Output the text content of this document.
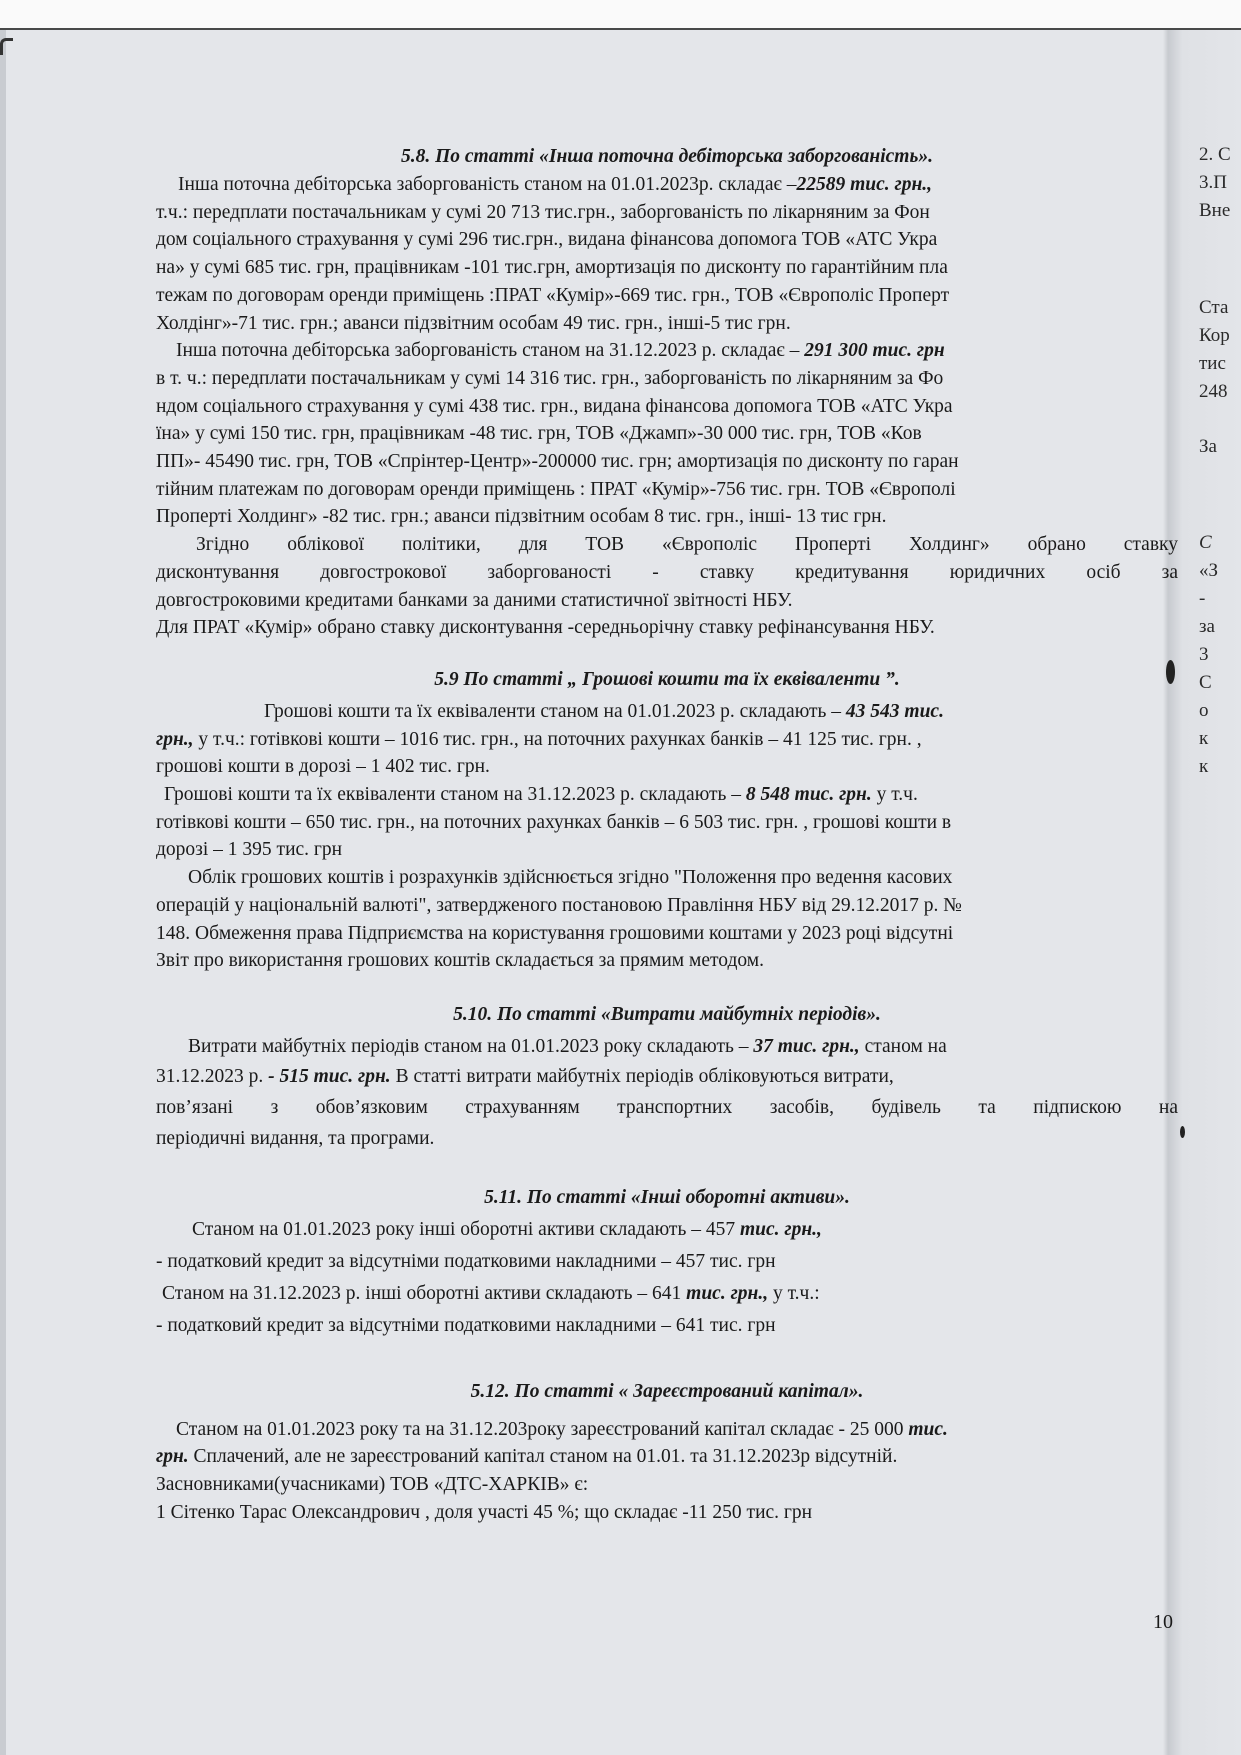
2. С
3.П
Вне
Ста
Кор
тис
248
За
С
«З
-
за
3
С
о
к
к
5.8. По статті «Інша поточна дебіторська заборгованість».
Інша поточна дебіторська заборгованість станом на 01.01.2023р. складає –22589 тис. грн.,
т.ч.: передплати постачальникам у сумі 20 713 тис.грн., заборгованість по лікарняним за Фон
дом соціального страхування у сумі 296 тис.грн., видана фінансова допомога ТОВ «АТС Укра
на» у сумі 685 тис. грн, працівникам -101 тис.грн, амортизація по дисконту по гарантійним пла
тежам по договорам оренди приміщень :ПРАТ «Кумір»-669 тис. грн., ТОВ «Європоліс Проперт
Холдінг»-71 тис. грн.; аванси підзвітним особам 49 тис. грн., інші-5 тис грн.
Інша поточна дебіторська заборгованість станом на 31.12.2023 р. складає – 291 300 тис. грн
в т. ч.: передплати постачальникам у сумі 14 316 тис. грн., заборгованість по лікарняним за Фо
ндом соціального страхування у сумі 438 тис. грн., видана фінансова допомога ТОВ «АТС Укра
їна» у сумі 150 тис. грн, працівникам -48 тис. грн, ТОВ «Джамп»-30 000 тис. грн, ТОВ «Ков
ПП»- 45490 тис. грн, ТОВ «Спрінтер-Центр»-200000 тис. грн; амортизація по дисконту по гаран
тійним платежам по договорам оренди приміщень : ПРАТ «Кумір»-756 тис. грн. ТОВ «Європолі
Проперті Холдинг» -82 тис. грн.; аванси підзвітним особам 8 тис. грн., інші- 13 тис грн.
Згідно облікової політики, для ТОВ «Європоліс Проперті Холдинг» обрано ставку
дисконтування довгострокової заборгованості - ставку кредитування юридичних осіб за
довгостроковими кредитами банками за даними статистичної звітності НБУ.
Для ПРАТ «Кумір» обрано ставку дисконтування -середньорічну ставку рефінансування НБУ.
5.9 По статті „ Грошові кошти та їх еквіваленти ”.
Грошові кошти та їх еквіваленти станом на 01.01.2023 р. складають – 43 543 тис.
грн., у т.ч.: готівкові кошти – 1016 тис. грн., на поточних рахунках банків – 41 125 тис. грн. ,
грошові кошти в дорозі – 1 402 тис. грн.
Грошові кошти та їх еквіваленти станом на 31.12.2023 р. складають – 8 548 тис. грн. у т.ч.
готівкові кошти – 650 тис. грн., на поточних рахунках банків – 6 503 тис. грн. , грошові кошти в
дорозі – 1 395 тис. грн
Облік грошових коштів і розрахунків здійснюється згідно "Положення про ведення касових
операцій у національній валюті", затвердженого постановою Правління НБУ від 29.12.2017 р. №
148. Обмеження права Підприємства на користування грошовими коштами у 2023 році відсутні
Звіт про використання грошових коштів складається за прямим методом.
5.10. По статті «Витрати майбутніх періодів».
Витрати майбутніх періодів станом на 01.01.2023 року складають – 37 тис. грн., станом на
31.12.2023 р. - 515 тис. грн. В статті витрати майбутніх періодів обліковуються витрати,
пов’язані з обов’язковим страхуванням транспортних засобів, будівель та підпискою на
періодичні видання, та програми.
5.11. По статті «Інші оборотні активи».
Станом на 01.01.2023 року інші оборотні активи складають – 457 тис. грн.,
- податковий кредит за відсутніми податковими накладними – 457 тис. грн
Станом на 31.12.2023 р. інші оборотні активи складають – 641 тис. грн., у т.ч.:
- податковий кредит за відсутніми податковими накладними – 641 тис. грн
5.12. По статті « Зареєстрований капітал».
Станом на 01.01.2023 року та на 31.12.203року зареєстрований капітал складає - 25 000 тис.
грн. Сплачений, але не зареєстрований капітал станом на 01.01. та 31.12.2023р відсутній.
Засновниками(учасниками) ТОВ «ДТС-ХАРКІВ» є:
1 Сітенко Тарас Олександрович , доля участі 45 %; що складає -11 250 тис. грн
10
